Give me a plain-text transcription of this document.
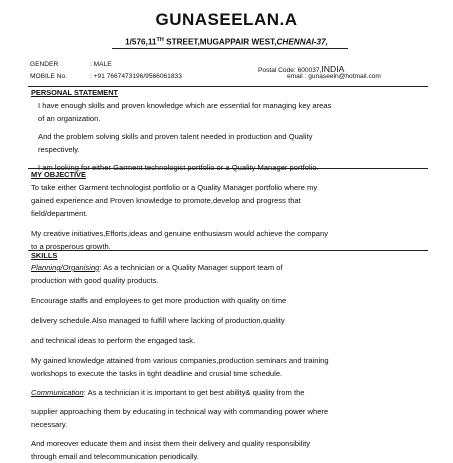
GUNASEELAN.A
1/576,11TH STREET,MUGAPPAIR WEST,CHENNAI-37,
GENDER	: MALE
Postal Code: 600037,INDIA
MOBILE No.	: +91 7667473196/9566061833	email : gunaseeln@hotmail.com
PERSONAL STATEMENT
I have enough skills and proven knowledge which are essential for managing key areas
of an organization.
And the problem solving skills and proven talent needed in production and Quality
respectively.
I am looking for either Garment technologist portfolio or a Quality Manager portfolio.
MY OBJECTIVE
To take either Garment technologist portfolio or a Quality Manager portfolio where my
gained experience and Proven knowledge to promote,develop and progress that
field/department.
My creative initiatives,Efforts,ideas and genuine enthusiasm would achieve the company
to a prosperous growth.
SKILLS
Planning/Organising: As a technician or a Quality Manager support team of
production with good quality products.
Encourage staffs and employees to get more production with quality on time
delivery schedule.Also managed to fulfill where lacking of production,quality
and technical ideas to perform the engaged task.
My gained knowledge attained from various companies,production seminars and training
workshops to execute the tasks in tight deadline and crusial time schedule.
Communication: As a technician it is important to get best ability& quality from the
supplier approaching them by educating in technical way with commanding power where
necessary.
And moreover educate them and insist them their delivery and quality responsibility
through email and telecommunication periodically.
